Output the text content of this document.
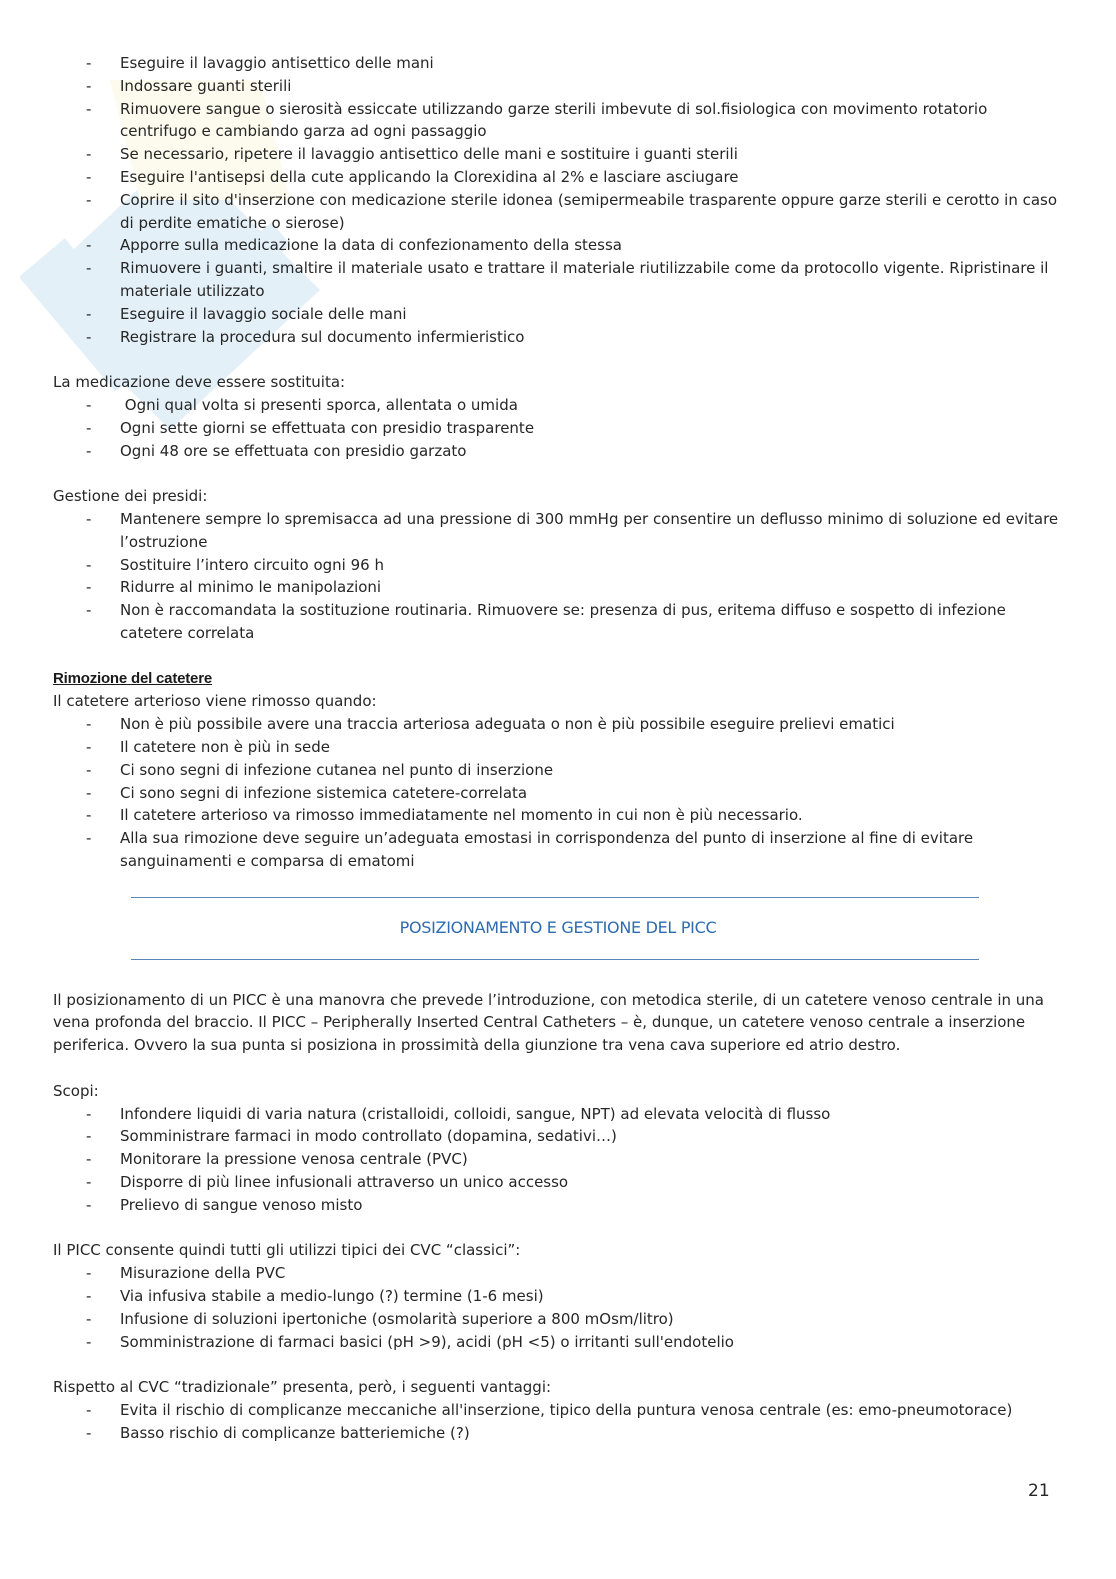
- Eseguire il lavaggio antisettico delle mani
- Indossare guanti sterili
- Rimuovere sangue o sierosità essiccate utilizzando garze sterili imbevute di sol.fisiologica con movimento rotatorio centrifugo e cambiando garza ad ogni passaggio
- Se necessario, ripetere il lavaggio antisettico delle mani e sostituire i guanti sterili
- Eseguire l'antisepsi della cute applicando la Clorexidina al 2% e lasciare asciugare
- Coprire il sito d'inserzione con medicazione sterile idonea (semipermeabile trasparente oppure garze sterili e cerotto in caso di perdite ematiche o sierose)
- Apporre sulla medicazione la data di confezionamento della stessa
- Rimuovere i guanti, smaltire il materiale usato e trattare il materiale riutilizzabile come da protocollo vigente. Ripristinare il materiale utilizzato
- Eseguire il lavaggio sociale delle mani
- Registrare la procedura sul documento infermieristico

La medicazione deve essere sostituita:

-  Ogni qual volta si presenti sporca, allentata o umida
- Ogni sette giorni se effettuata con presidio trasparente
- Ogni 48 ore se effettuata con presidio garzato

Gestione dei presidi:

- Mantenere sempre lo spremisacca ad una pressione di 300 mmHg per consentire un deflusso minimo di soluzione ed evitare l’ostruzione
- Sostituire l’intero circuito ogni 96 h
- Ridurre al minimo le manipolazioni
- Non è raccomandata la sostituzione routinaria. Rimuovere se: presenza di pus, eritema diffuso e sospetto di infezione catetere correlata

Rimozione del catetere

Il catetere arterioso viene rimosso quando:

- Non è più possibile avere una traccia arteriosa adeguata o non è più possibile eseguire prelievi ematici
- Il catetere non è più in sede
- Ci sono segni di infezione cutanea nel punto di inserzione
- Ci sono segni di infezione sistemica catetere-correlata
- Il catetere arterioso va rimosso immediatamente nel momento in cui non è più necessario.
- Alla sua rimozione deve seguire un’adeguata emostasi in corrispondenza del punto di inserzione al fine di evitare sanguinamenti e comparsa di ematomi
POSIZIONAMENTO E GESTIONE DEL PICC

Il posizionamento di un PICC è una manovra che prevede l’introduzione, con metodica sterile, di un catetere venoso centrale in una vena profonda del braccio. Il PICC – Peripherally Inserted Central Catheters – è, dunque, un catetere venoso centrale a inserzione periferica. Ovvero la sua punta si posiziona in prossimità della giunzione tra vena cava superiore ed atrio destro.

Scopi:

- Infondere liquidi di varia natura (cristalloidi, colloidi, sangue, NPT) ad elevata velocità di flusso
- Somministrare farmaci in modo controllato (dopamina, sedativi…)
- Monitorare la pressione venosa centrale (PVC)
- Disporre di più linee infusionali attraverso un unico accesso
- Prelievo di sangue venoso misto

Il PICC consente quindi tutti gli utilizzi tipici dei CVC “classici”:

- Misurazione della PVC
- Via infusiva stabile a medio-lungo (?) termine (1-6 mesi)
- Infusione di soluzioni ipertoniche (osmolarità superiore a 800 mOsm/litro)
- Somministrazione di farmaci basici (pH >9), acidi (pH <5) o irritanti sull'endotelio

Rispetto al CVC “tradizionale” presenta, però, i seguenti vantaggi:

- Evita il rischio di complicanze meccaniche all'inserzione, tipico della puntura venosa centrale (es: emo-pneumotorace)
- Basso rischio di complicanze batteriemiche (?)
21
